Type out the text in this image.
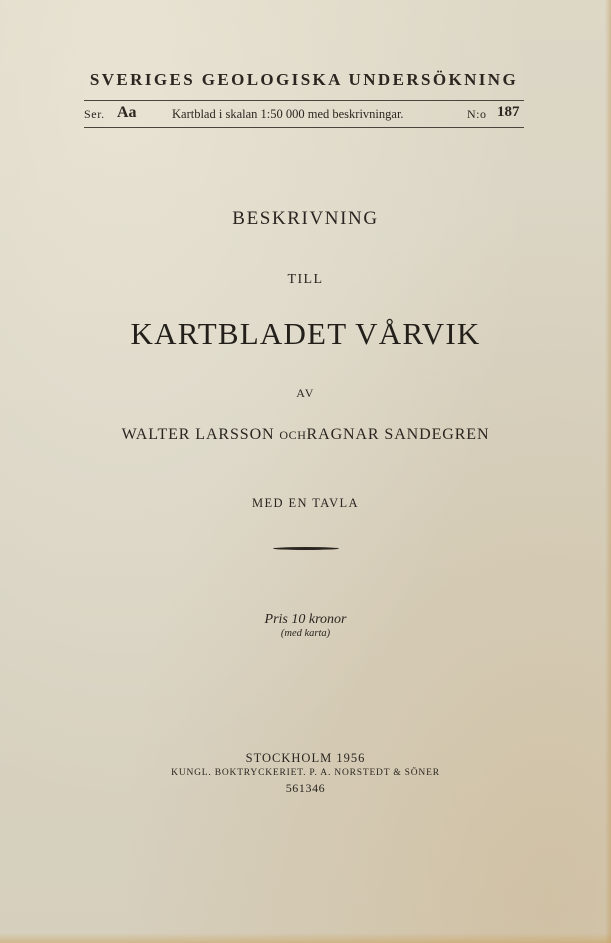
SVERIGES GEOLOGISKA UNDERSÖKNING
Ser. Aa	Kartblad i skalan 1:50 000 med beskrivningar.	N:o 187
BESKRIVNING
TILL
KARTBLADET VÅRVIK
AV
WALTER LARSSON OCHRAGNAR SANDEGREN
MED EN TAVLA
Pris 10 kronor
(med karta)
STOCKHOLM 1956
KUNGL. BOKTRYCKERIET. P. A. NORSTEDT & SÖNER
561346
